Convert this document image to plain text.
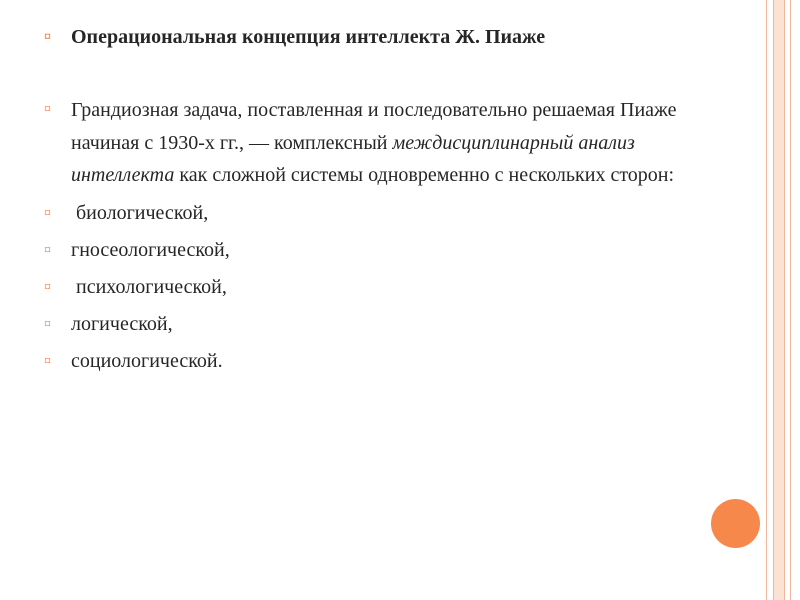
¤	Операциональная концепция интеллекта Ж. Пиаже
¤	Грандиозная задача, поставленная и последовательно решаемая Пиаже начиная с 1930-х гг., — комплексный междисциплинарный анализ интеллекта как сложной системы одновременно с нескольких сторон:
¤	биологической,
¤	гносеологической,
¤	психологической,
¤	логической,
¤	социологической.
